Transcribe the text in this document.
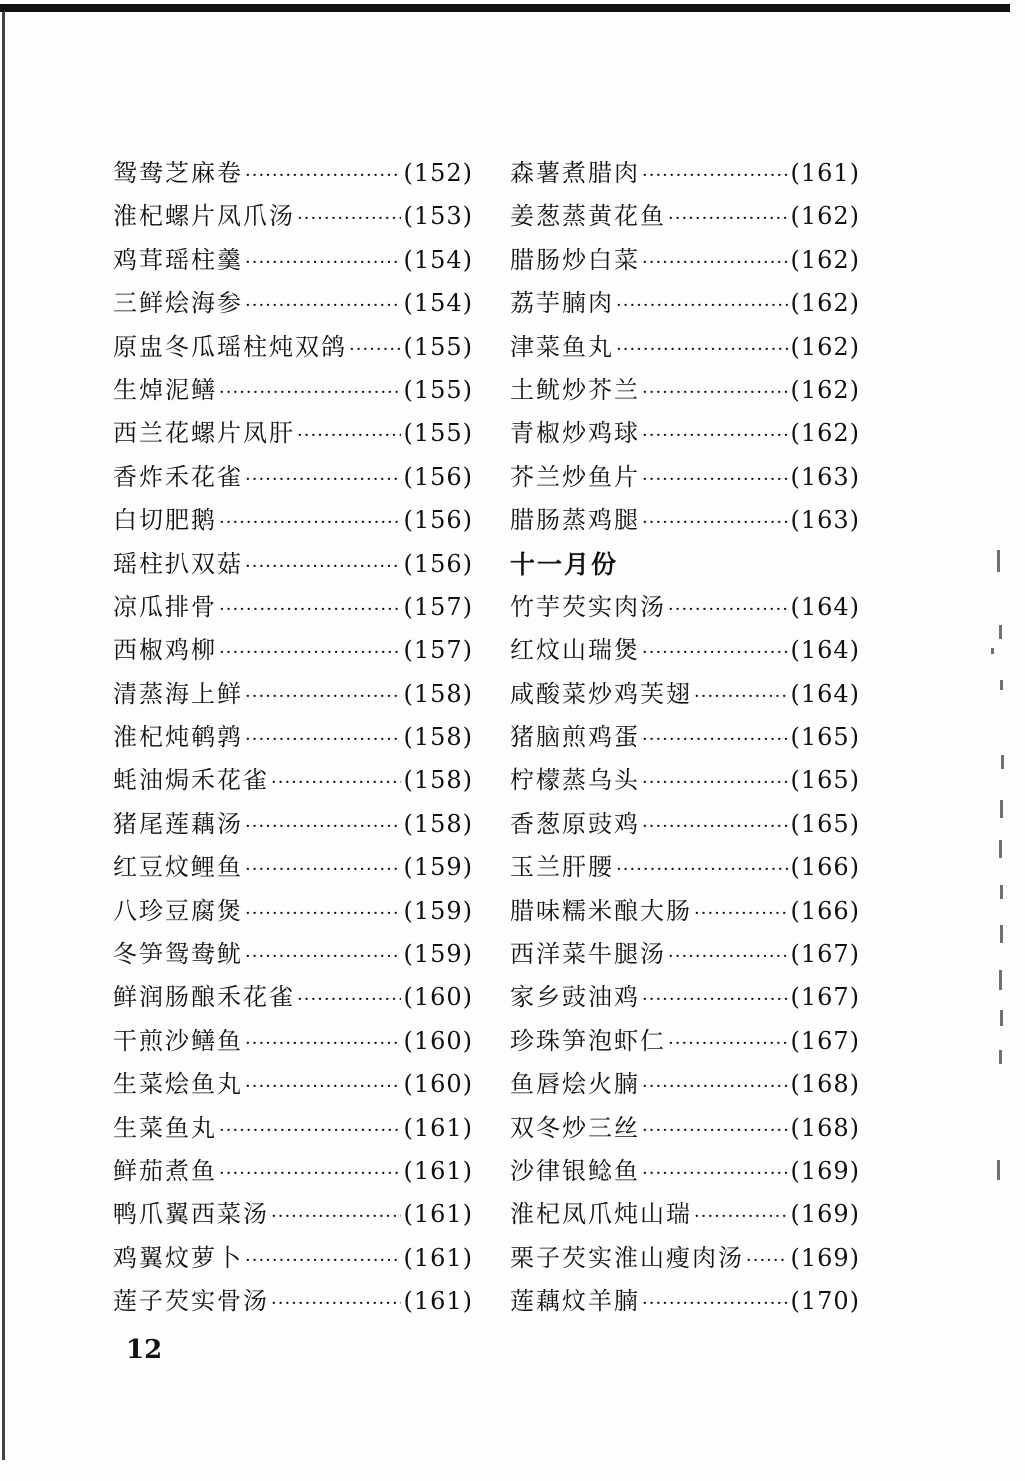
鸳鸯芝麻卷 ·····	(152)
淮杞螺片凤爪汤 ·····	(153)
鸡茸瑶柱羹 ·····	(154)
三鲜烩海参 ·····	(154)
原盅冬瓜瑶柱炖双鸽 ····· (155)
生焯泥鳝 ·····	(155)
西兰花螺片凤肝 ·····	(155)
香炸禾花雀 ·····	(156)
白切肥鹅 ·····	(156)
瑶柱扒双菇 ·····	(156)
凉瓜排骨 ·····	(157)
西椒鸡柳 ·····	(157)
清蒸海上鲜 ·····	(158)
淮杞炖鹌鹑 ·····	(158)
蚝油焗禾花雀 ·····	(158)
猪尾莲藕汤 ·····	(158)
红豆炆鲤鱼 ·····	(159)
八珍豆腐煲 ·····	(159)
冬笋鸳鸯鱿 ·····	(159)
鲜润肠酿禾花雀 ·····	(160)
干煎沙鳝鱼 ·····	(160)
生菜烩鱼丸 ·····	(160)
生菜鱼丸 ·····	(161)
鲜茄煮鱼 ·····	(161)
鸭爪翼西菜汤 ·····	(161)
鸡翼炆萝卜 ·····	(161)
莲子芡实骨汤 ·····	(161)
森薯煮腊肉 ·····	(161)
姜葱蒸黄花鱼 ·····	(162)
腊肠炒白菜 ·····	(162)
荔芋腩肉 ·····	(162)
津菜鱼丸 ·····	(162)
土鱿炒芥兰 ·····	(162)
青椒炒鸡球 ·····	(162)
芥兰炒鱼片 ·····	(163)
腊肠蒸鸡腿 ·····	(163)
十一月份
竹芋芡实肉汤 ·····	(164)
红炆山瑞煲 ·····	(164)
咸酸菜炒鸡芙翅 ·····	(164)
猪脑煎鸡蛋 ·····	(165)
柠檬蒸乌头 ·····	(165)
香葱原豉鸡 ·····	(165)
玉兰肝腰 ·····	(166)
腊味糯米酿大肠 ·····	(166)
西洋菜牛腿汤 ·····	(167)
家乡豉油鸡 ·····	(167)
珍珠笋泡虾仁 ·····	(167)
鱼唇烩火腩 ·····	(168)
双冬炒三丝 ·····	(168)
沙律银鲶鱼 ·····	(169)
淮杞凤爪炖山瑞 ·····	(169)
栗子芡实淮山瘦肉汤 ····· (169)
莲藕炆羊腩 ·····	(170)
12
